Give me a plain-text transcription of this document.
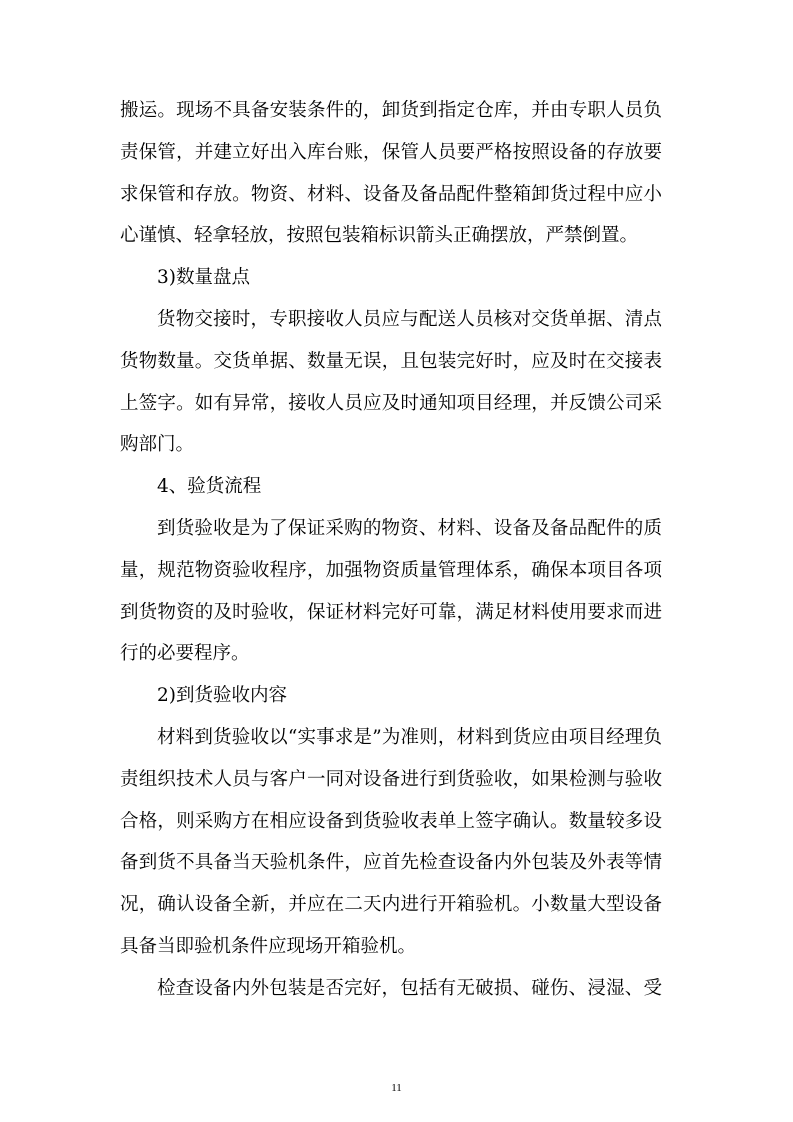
搬运。现场不具备安装条件的，卸货到指定仓库，并由专职人员负
责保管，并建立好出入库台账，保管人员要严格按照设备的存放要
求保管和存放。物资、材料、设备及备品配件整箱卸货过程中应小
心谨慎、轻拿轻放，按照包装箱标识箭头正确摆放，严禁倒置。
3)数量盘点
货物交接时，专职接收人员应与配送人员核对交货单据、清点
货物数量。交货单据、数量无误，且包装完好时，应及时在交接表
上签字。如有异常，接收人员应及时通知项目经理，并反馈公司采
购部门。
4、验货流程
到货验收是为了保证采购的物资、材料、设备及备品配件的质
量，规范物资验收程序，加强物资质量管理体系，确保本项目各项
到货物资的及时验收，保证材料完好可靠，满足材料使用要求而进
行的必要程序。
2)到货验收内容
材料到货验收以“实事求是”为准则，材料到货应由项目经理负
责组织技术人员与客户一同对设备进行到货验收，如果检测与验收
合格，则采购方在相应设备到货验收表单上签字确认。数量较多设
备到货不具备当天验机条件，应首先检查设备内外包装及外表等情
况，确认设备全新，并应在二天内进行开箱验机。小数量大型设备
具备当即验机条件应现场开箱验机。
检查设备内外包装是否完好，包括有无破损、碰伤、浸湿、受
11
